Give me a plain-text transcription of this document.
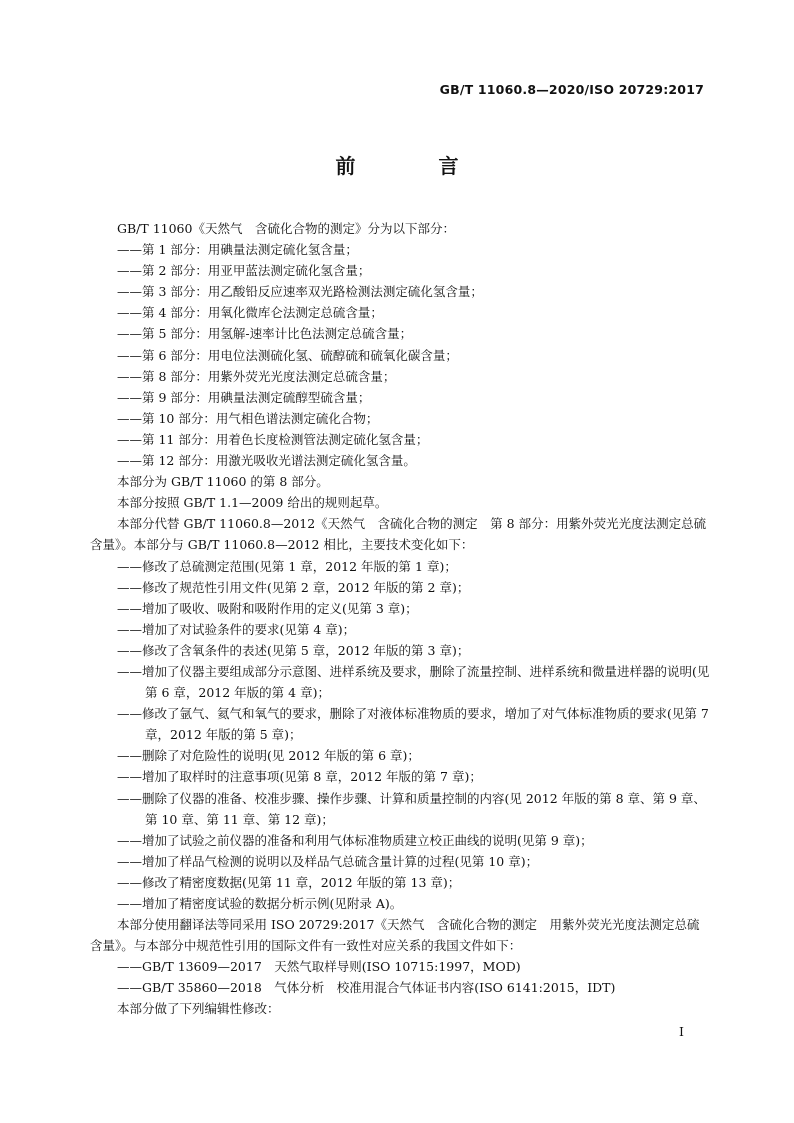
GB/T 11060.8—2020/ISO 20729:2017
前 言
GB/T 11060《天然气　含硫化合物的测定》分为以下部分：
——第 1 部分：用碘量法测定硫化氢含量；
——第 2 部分：用亚甲蓝法测定硫化氢含量；
——第 3 部分：用乙酸铅反应速率双光路检测法测定硫化氢含量；
——第 4 部分：用氧化微库仑法测定总硫含量；
——第 5 部分：用氢解-速率计比色法测定总硫含量；
——第 6 部分：用电位法测硫化氢、硫醇硫和硫氧化碳含量；
——第 8 部分：用紫外荧光光度法测定总硫含量；
——第 9 部分：用碘量法测定硫醇型硫含量；
——第 10 部分：用气相色谱法测定硫化合物；
——第 11 部分：用着色长度检测管法测定硫化氢含量；
——第 12 部分：用激光吸收光谱法测定硫化氢含量。
本部分为 GB/T 11060 的第 8 部分。
本部分按照 GB/T 1.1—2009 给出的规则起草。
本部分代替 GB/T 11060.8—2012《天然气　含硫化合物的测定　第 8 部分：用紫外荧光光度法测定总硫含量》。本部分与 GB/T 11060.8—2012 相比，主要技术变化如下：
——修改了总硫测定范围(见第 1 章，2012 年版的第 1 章)；
——修改了规范性引用文件(见第 2 章，2012 年版的第 2 章)；
——增加了吸收、吸附和吸附作用的定义(见第 3 章)；
——增加了对试验条件的要求(见第 4 章)；
——修改了含氧条件的表述(见第 5 章，2012 年版的第 3 章)；
——增加了仪器主要组成部分示意图、进样系统及要求，删除了流量控制、进样系统和微量进样器的说明(见第 6 章，2012 年版的第 4 章)；
——修改了氩气、氦气和氧气的要求，删除了对液体标准物质的要求，增加了对气体标准物质的要求(见第 7 章，2012 年版的第 5 章)；
——删除了对危险性的说明(见 2012 年版的第 6 章)；
——增加了取样时的注意事项(见第 8 章，2012 年版的第 7 章)；
——删除了仪器的准备、校准步骤、操作步骤、计算和质量控制的内容(见 2012 年版的第 8 章、第 9 章、第 10 章、第 11 章、第 12 章)；
——增加了试验之前仪器的准备和利用气体标准物质建立校正曲线的说明(见第 9 章)；
——增加了样品气检测的说明以及样品气总硫含量计算的过程(见第 10 章)；
——修改了精密度数据(见第 11 章，2012 年版的第 13 章)；
——增加了精密度试验的数据分析示例(见附录 A)。
本部分使用翻译法等同采用 ISO 20729:2017《天然气　含硫化合物的测定　用紫外荧光光度法测定总硫含量》。与本部分中规范性引用的国际文件有一致性对应关系的我国文件如下：
——GB/T 13609—2017　天然气取样导则(ISO 10715:1997，MOD)
——GB/T 35860—2018　气体分析　校准用混合气体证书内容(ISO 6141:2015，IDT)
本部分做了下列编辑性修改：
I
